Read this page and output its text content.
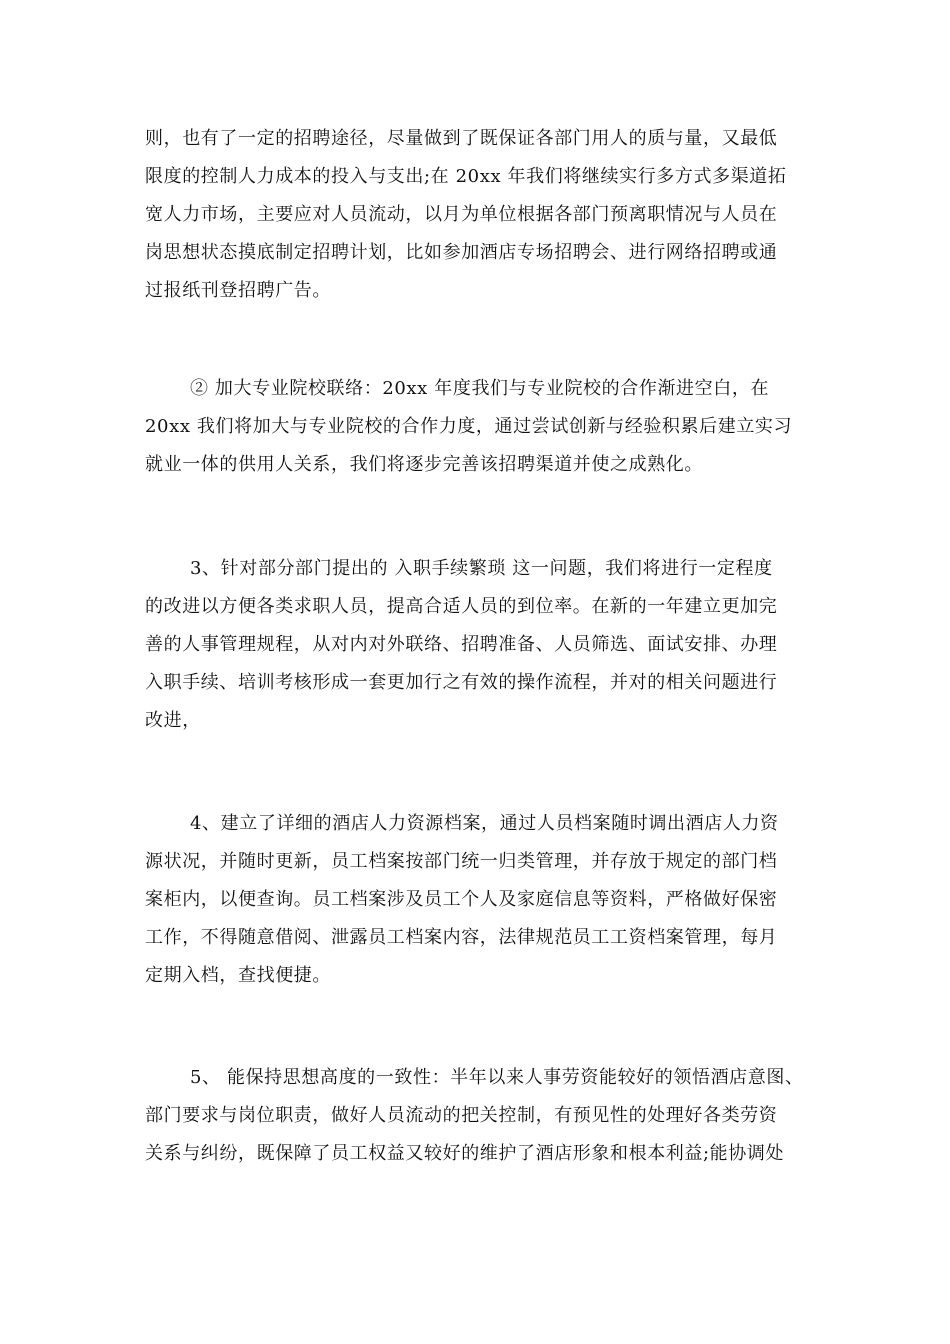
则，也有了一定的招聘途径，尽量做到了既保证各部门用人的质与量，又最低
限度的控制人力成本的投入与支出;在 20xx 年我们将继续实行多方式多渠道拓
宽人力市场，主要应对人员流动，以月为单位根据各部门预离职情况与人员在
岗思想状态摸底制定招聘计划，比如参加酒店专场招聘会、进行网络招聘或通
过报纸刊登招聘广告。
② 加大专业院校联络：20xx 年度我们与专业院校的合作渐进空白，在
20xx 我们将加大与专业院校的合作力度，通过尝试创新与经验积累后建立实习
就业一体的供用人关系，我们将逐步完善该招聘渠道并使之成熟化。
3、针对部分部门提出的 入职手续繁琐 这一问题，我们将进行一定程度
的改进以方便各类求职人员，提高合适人员的到位率。在新的一年建立更加完
善的人事管理规程，从对内对外联络、招聘准备、人员筛选、面试安排、办理
入职手续、培训考核形成一套更加行之有效的操作流程，并对的相关问题进行
改进，
4、建立了详细的酒店人力资源档案，通过人员档案随时调出酒店人力资
源状况，并随时更新，员工档案按部门统一归类管理，并存放于规定的部门档
案柜内，以便查询。员工档案涉及员工个人及家庭信息等资料，严格做好保密
工作，不得随意借阅、泄露员工档案内容，法律规范员工工资档案管理，每月
定期入档，查找便捷。
5、 能保持思想高度的一致性：半年以来人事劳资能较好的领悟酒店意图、
部门要求与岗位职责，做好人员流动的把关控制，有预见性的处理好各类劳资
关系与纠纷，既保障了员工权益又较好的维护了酒店形象和根本利益;能协调处
